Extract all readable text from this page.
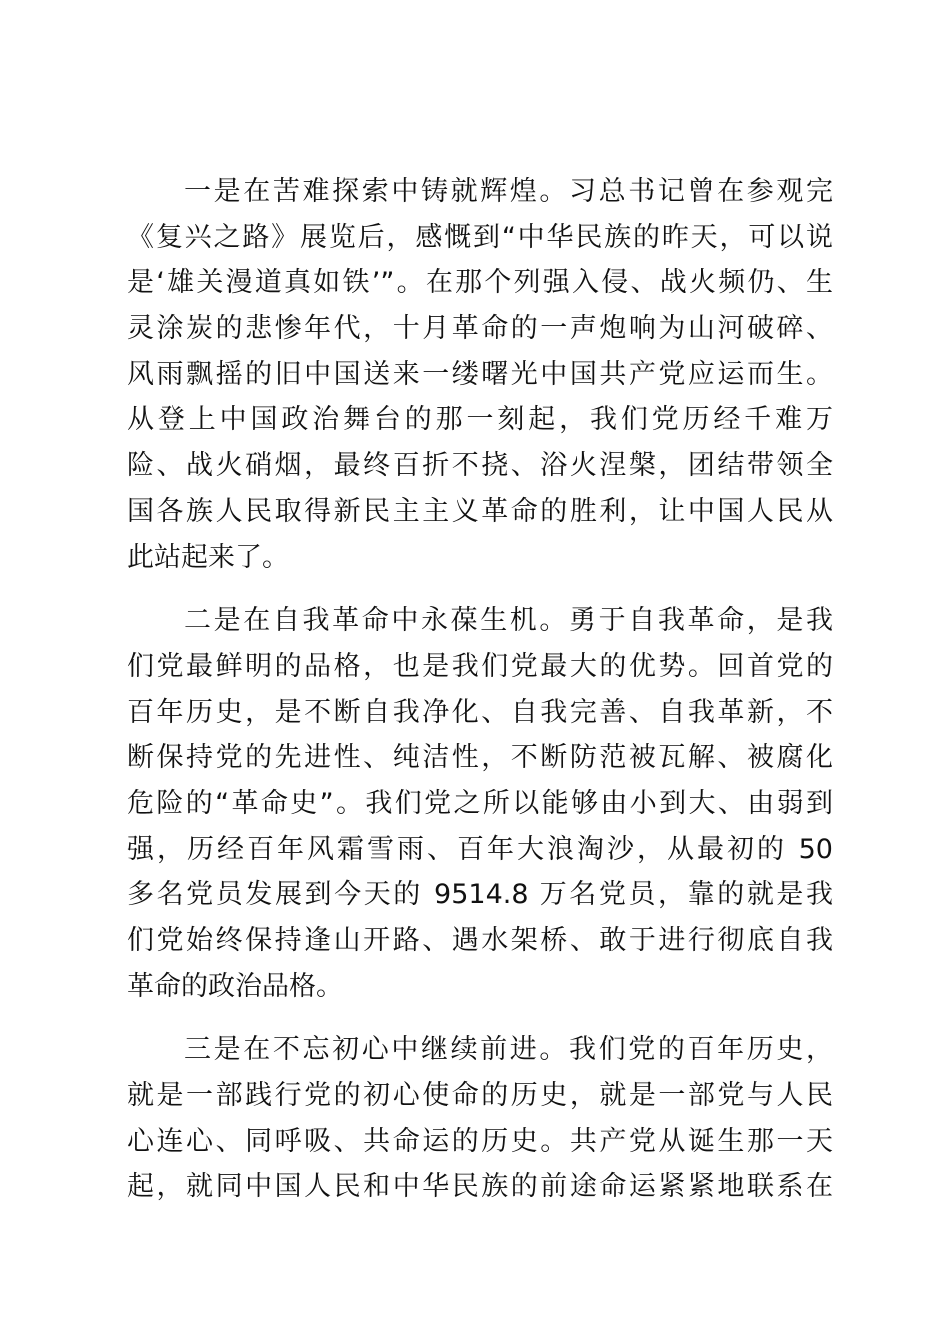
一是在苦难探索中铸就辉煌。习总书记曾在参观完
《复兴之路》展览后，感慨到“中华民族的昨天，可以说
是‘雄关漫道真如铁’”。在那个列强入侵、战火频仍、生
灵涂炭的悲惨年代，十月革命的一声炮响为山河破碎、
风雨飘摇的旧中国送来一缕曙光中国共产党应运而生。
从登上中国政治舞台的那一刻起，我们党历经千难万
险、战火硝烟，最终百折不挠、浴火涅槃，团结带领全
国各族人民取得新民主主义革命的胜利，让中国人民从
此站起来了。
二是在自我革命中永葆生机。勇于自我革命，是我
们党最鲜明的品格，也是我们党最大的优势。回首党的
百年历史，是不断自我净化、自我完善、自我革新，不
断保持党的先进性、纯洁性，不断防范被瓦解、被腐化
危险的“革命史”。我们党之所以能够由小到大、由弱到
强，历经百年风霜雪雨、百年大浪淘沙，从最初的 50
多名党员发展到今天的 9514.8 万名党员，靠的就是我
们党始终保持逢山开路、遇水架桥、敢于进行彻底自我
革命的政治品格。
三是在不忘初心中继续前进。我们党的百年历史，
就是一部践行党的初心使命的历史，就是一部党与人民
心连心、同呼吸、共命运的历史。共产党从诞生那一天
起，就同中国人民和中华民族的前途命运紧紧地联系在
